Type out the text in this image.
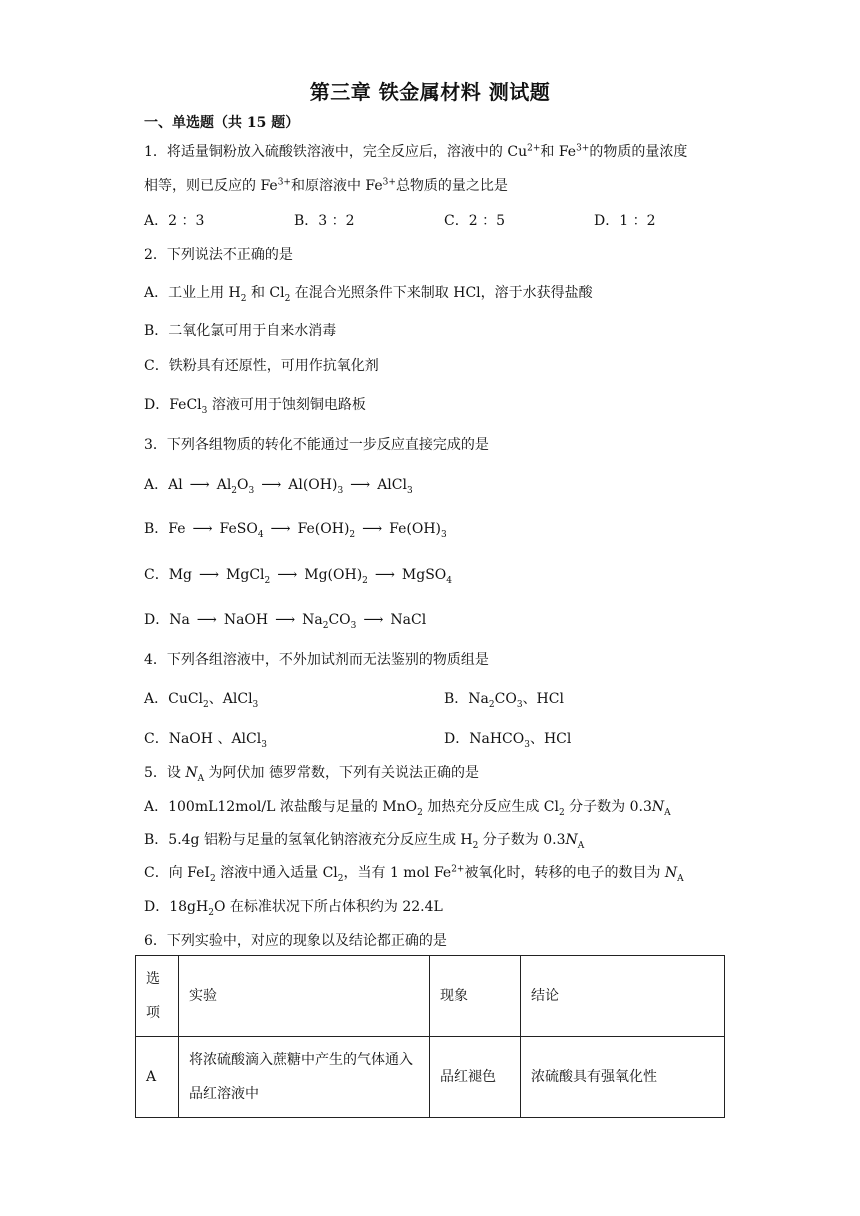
第三章 铁金属材料 测试题
一、单选题（共 15 题）
1．将适量铜粉放入硫酸铁溶液中，完全反应后，溶液中的 $Cu^{2+}$和 $Fe^{3+}$的物质的量浓度
相等，则已反应的 $Fe^{3+}$和原溶液中 $Fe^{3+}$总物质的量之比是
A．2 ：3	B．3 ：2	C．2 ：5	D．1 ：2
2．下列说法不正确的是
A．工业上用 $H_2$ 和 $Cl_2$ 在混合光照条件下来制取 HCl，溶于水获得盐酸
B．二氧化氯可用于自来水消毒
C．铁粉具有还原性，可用作抗氧化剂
D．FeCl$_3$ 溶液可用于蚀刻铜电路板
3．下列各组物质的转化不能通过一步反应直接完成的是
A．Al ⟶ $Al_2O_3$ ⟶ $Al(OH)_3$ ⟶ AlCl$_3$
B．Fe ⟶ FeSO$_4$ ⟶ $Fe(OH)_2$ ⟶ $Fe(OH)_3$
C．Mg ⟶ MgCl$_2$ ⟶ $Mg(OH)_2$ ⟶ MgSO$_4$
D．Na ⟶ NaOH ⟶ $Na_2CO_3$ ⟶ NaCl
4．下列各组溶液中，不外加试剂而无法鉴别的物质组是
A．CuCl$_2$、AlCl$_3$	B．$Na_2CO_3$、HCl
C．NaOH 、AlCl$_3$	D．NaHCO$_3$、HCl
5．设 $N_A$ 为阿伏加 德罗常数，下列有关说法正确的是
A．100mL12mol/L 浓盐酸与足量的 MnO$_2$ 加热充分反应生成 $Cl_2$ 分子数为 $0.3N_A$
B．5.4g 铝粉与足量的氢氧化钠溶液充分反应生成 $H_2$ 分子数为 $0.3N_A$
C．向 FeI$_2$ 溶液中通入适量 $Cl_2$，当有 1 mol $Fe^{2+}$被氧化时，转移的电子的数目为 $N_A$
D．$18gH_2O$ 在标准状况下所占体积约为 22.4L
6．下列实验中，对应的现象以及结论都正确的是
选项	实验	现象	结论
A	将浓硫酸滴入蔗糖中产生的气体通入品红溶液中	品红褪色	浓硫酸具有强氧化性
